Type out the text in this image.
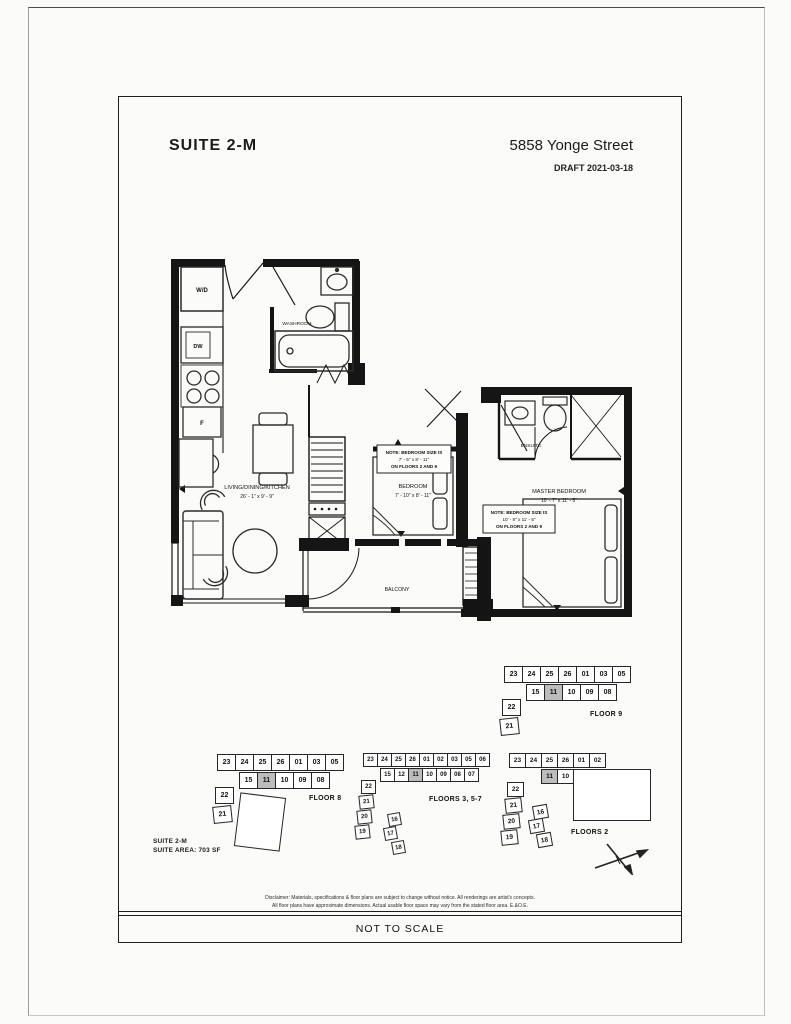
SUITE 2-M	5858 Yonge Street
DRAFT 2021-03-18
NOTE: BEDROOM SIZE IS
7' - 5" x 8' - 11"
ON FLOORS 2 AND 9
NOTE: BEDROOM SIZE IS
10' - 8" x 11' - 5"
ON FLOORS 2 AND 9
W/D
DW
F
WASHROOM
LIVING/DINING/KITCHEN
26' - 1" x 9' - 9"
BEDROOM
7' - 10" x 8' - 11"
MASTER BEDROOM
10' - 7" x 11' - 5"
ENSUITE
BALCONY
23	24	25	26	01	03	05
15	11	10	09	08
22
21
FLOOR 9
23	24	25	26	01	03	05
15	11	10	09	08
22
21
FLOOR 8
23	24	25	26	01	02	03	05	06
15	12	11	10	09	08	07
22
21
20
19
16
17
18
FLOORS 3, 5-7
23	24	25	26	01	02
11	10
22
21
20
19
16
17
18
FLOORS 2
SUITE 2-M
SUITE AREA: 703 SF
Disclaimer: Materials, specifications & floor plans are subject to change without notice. All renderings are artist's concepts.
All floor plans have approximate dimensions. Actual usable floor space may vary from the stated floor area. E.&O.E.
NOT TO SCALE
